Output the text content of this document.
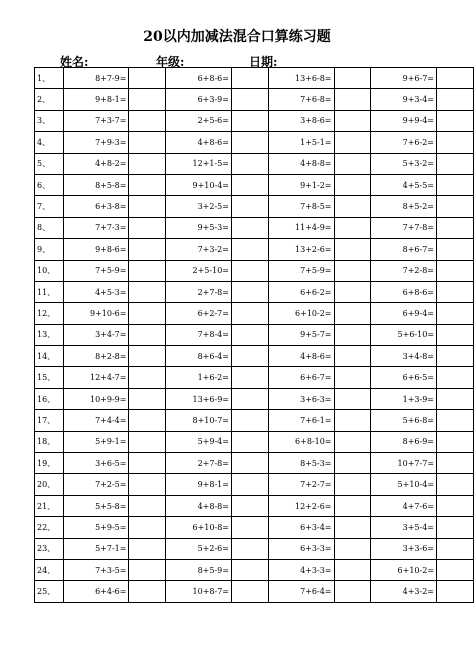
20以内加减法混合口算练习题
姓名:	年级:	日期:
1、	8+7-9=		6+8-6=		13+6-8=		9+6-7=	
2、	9+8-1=		6+3-9=		7+6-8=		9+3-4=	
3、	7+3-7=		2+5-6=		3+8-6=		9+9-4=	
4、	7+9-3=		4+8-6=		1+5-1=		7+6-2=	
5、	4+8-2=		12+1-5=		4+8-8=		5+3-2=	
6、	8+5-8=		9+10-4=		9+1-2=		4+5-5=	
7、	6+3-8=		3+2-5=		7+8-5=		8+5-2=	
8、	7+7-3=		9+5-3=		11+4-9=		7+7-8=	
9、	9+8-6=		7+3-2=		13+2-6=		8+6-7=	
10、	7+5-9=		2+5-10=		7+5-9=		7+2-8=	
11、	4+5-3=		2+7-8=		6+6-2=		6+8-6=	
12、	9+10-6=		6+2-7=		6+10-2=		6+9-4=	
13、	3+4-7=		7+8-4=		9+5-7=		5+6-10=	
14、	8+2-8=		8+6-4=		4+8-6=		3+4-8=	
15、	12+4-7=		1+6-2=		6+6-7=		6+6-5=	
16、	10+9-9=		13+6-9=		3+6-3=		1+3-9=	
17、	7+4-4=		8+10-7=		7+6-1=		5+6-8=	
18、	5+9-1=		5+9-4=		6+8-10=		8+6-9=	
19、	3+6-5=		2+7-8=		8+5-3=		10+7-7=	
20、	7+2-5=		9+8-1=		7+2-7=		5+10-4=	
21、	5+5-8=		4+8-8=		12+2-6=		4+7-6=	
22、	5+9-5=		6+10-8=		6+3-4=		3+5-4=	
23、	5+7-1=		5+2-6=		6+3-3=		3+3-6=	
24、	7+3-5=		8+5-9=		4+3-3=		6+10-2=	
25、	6+4-6=		10+8-7=		7+6-4=		4+3-2=	
